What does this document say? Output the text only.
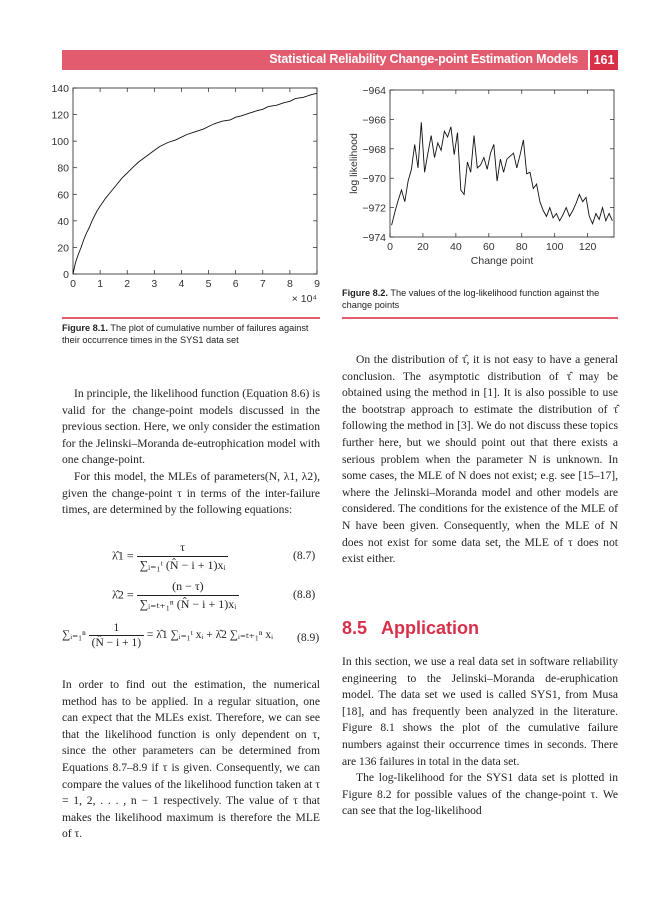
Statistical Reliability Change-point Estimation Models 161
0 1 2 3 4 5 6 7 8 9
0
20
40
60
80
100
120
140
× 10⁴
Figure 8.1. The plot of cumulative number of failures against their occurrence times in the SYS1 data set
0 20 40 60 80 100 120
−974
−972
−970
−968
−966
−964
Change point
log likelihood
Figure 8.2. The values of the log-likelihood function against the change points

In principle, the likelihood function (Equation 8.6) is valid for the change-point models discussed in the previous section. Here, we only consider the estimation for the Jelinski–Moranda de-eutrophication model with one change-point.

For this model, the MLEs of parameters(N, λ1, λ2), given the change-point τ in terms of the inter-failure times, are determined by the following equations:

λ̂1 = $\frac{\tau}{\text{∑ᵢ₌₁ᵗ (N̂ − i + 1)xᵢ}}$	(8.7)
λ̂2 = $\frac{(n - \tau)}{\text{∑ᵢ₌ₜ₊₁ⁿ (N̂ − i + 1)xᵢ}}$	(8.8)
∑ᵢ₌₁ⁿ $\frac{1}{(N̂ - i + 1)}$ = λ̂1 ∑ᵢ₌₁ᵗ xᵢ + λ̂2 ∑ᵢ₌ₜ₊₁ⁿ xᵢ (8.9)

In order to find out the estimation, the numerical method has to be applied. In a regular situation, one can expect that the MLEs exist. Therefore, we can see that the likelihood function is only dependent on τ, since the other parameters can be determined from Equations 8.7–8.9 if τ is given. Consequently, we can compare the values of the likelihood function taken at τ = 1, 2, . . . , n − 1 respectively. The value of τ that makes the likelihood maximum is therefore the MLE of τ.

On the distribution of τ̂, it is not easy to have a general conclusion. The asymptotic distribution of τ̂ may be obtained using the method in [1]. It is also possible to use the bootstrap approach to estimate the distribution of τ̂ following the method in [3]. We do not discuss these topics further here, but we should point out that there exists a serious problem when the parameter N is unknown. In some cases, the MLE of N does not exist; e.g. see [15–17], where the Jelinski–Moranda model and other models are considered. The conditions for the existence of the MLE of N have been given. Consequently, when the MLE of N does not exist for some data set, the MLE of τ does not exist either.

8.5 Application

In this section, we use a real data set in software reliability engineering to the Jelinski–Moranda de-eruphication model. The data set we used is called SYS1, from Musa [18], and has frequently been analyzed in the literature. Figure 8.1 shows the plot of the cumulative failure numbers against their occurrence times in seconds. There are 136 failures in total in the data set.

The log-likelihood for the SYS1 data set is plotted in Figure 8.2 for possible values of the change-point τ. We can see that the log-likelihood
